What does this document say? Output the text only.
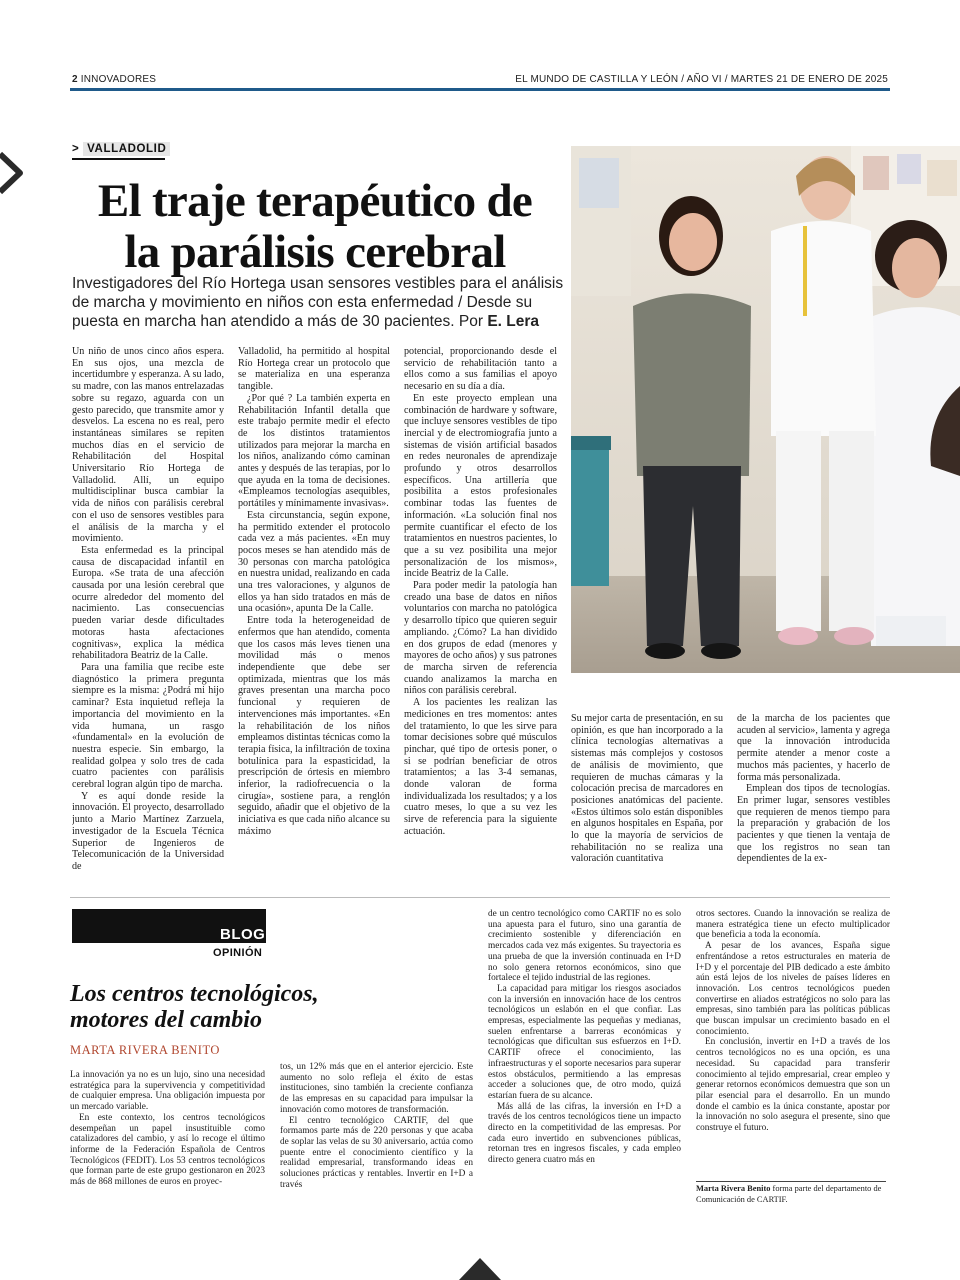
2 INNOVADORES	EL MUNDO DE CASTILLA Y LEÓN / AÑO VI / MARTES 21 DE ENERO DE 2025
> VALLADOLID
El traje terapéutico de
la parálisis cerebral

Investigadores del Río Hortega usan sensores vestibles para el análisis de marcha y movimiento en niños con esta enfermedad / Desde su puesta en marcha han atendido a más de 30 pacientes. Por E. Lera

Un niño de unos cinco años espera. En sus ojos, una mezcla de incertidumbre y esperanza. A su lado, su madre, con las manos entrelazadas sobre su regazo, aguarda con un gesto parecido, que transmite amor y desvelos. La escena no es real, pero instantáneas similares se repiten muchos días en el servicio de Rehabilitación del Hospital Universitario Río Hortega de Valladolid. Allí, un equipo multidisciplinar busca cambiar la vida de niños con parálisis cerebral con el uso de sensores vestibles para el análisis de la marcha y el movimiento.

Esta enfermedad es la principal causa de discapacidad infantil en Europa. «Se trata de una afección causada por una lesión cerebral que ocurre alrededor del momento del nacimiento. Las consecuencias pueden variar desde dificultades motoras hasta afectaciones cognitivas», explica la médica rehabilitadora Beatriz de la Calle.

Para una familia que recibe este diagnóstico la primera pregunta siempre es la misma: ¿Podrá mi hijo caminar? Esta inquietud refleja la importancia del movimiento en la vida humana, un rasgo «fundamental» en la evolución de nuestra especie. Sin embargo, la realidad golpea y solo tres de cada cuatro pacientes con parálisis cerebral logran algún tipo de marcha.

Y es aquí donde reside la innovación. El proyecto, desarrollado junto a Mario Martínez Zarzuela, investigador de la Escuela Técnica Superior de Ingenieros de Telecomunicación de la Universidad de

Valladolid, ha permitido al hospital Río Hortega crear un protocolo que se materializa en una esperanza tangible.

¿Por qué ? La también experta en Rehabilitación Infantil detalla que este trabajo permite medir el efecto de los distintos tratamientos utilizados para mejorar la marcha en los niños, analizando cómo caminan antes y después de las terapias, por lo que ayuda en la toma de decisiones. «Empleamos tecnologías asequibles, portátiles y mínimamente invasivas».

Esta circunstancia, según expone, ha permitido extender el protocolo cada vez a más pacientes. «En muy pocos meses se han atendido más de 30 personas con marcha patológica en nuestra unidad, realizando en cada una tres valoraciones, y algunos de ellos ya han sido tratados en más de una ocasión», apunta De la Calle.

Entre toda la heterogeneidad de enfermos que han atendido, comenta que los casos más leves tienen una movilidad más o menos independiente que debe ser optimizada, mientras que los más graves presentan una marcha poco funcional y requieren de intervenciones más importantes. «En la rehabilitación de los niños empleamos distintas técnicas como la terapia física, la infiltración de toxina botulínica para la espasticidad, la prescripción de órtesis en miembro inferior, la radiofrecuencia o la cirugía», sostiene para, a renglón seguido, añadir que el objetivo de la iniciativa es que cada niño alcance su máximo

potencial, proporcionando desde el servicio de rehabilitación tanto a ellos como a sus familias el apoyo necesario en su día a día.

En este proyecto emplean una combinación de hardware y software, que incluye sensores vestibles de tipo inercial y de electromiografía junto a sistemas de visión artificial basados en redes neuronales de aprendizaje profundo y otros desarrollos específicos. Una artillería que posibilita a estos profesionales combinar todas las fuentes de información. «La solución final nos permite cuantificar el efecto de los tratamientos en nuestros pacientes, lo que a su vez posibilita una mejor personalización de los mismos», incide Beatriz de la Calle.

Para poder medir la patología han creado una base de datos en niños voluntarios con marcha no patológica y desarrollo típico que quieren seguir ampliando. ¿Cómo? La han dividido en dos grupos de edad (menores y mayores de ocho años) y sus patrones de marcha sirven de referencia cuando analizamos la marcha en niños con parálisis cerebral.

A los pacientes les realizan las mediciones en tres momentos: antes del tratamiento, lo que les sirve para tomar decisiones sobre qué músculos pinchar, qué tipo de ortesis poner, o si se podrían beneficiar de otros tratamientos; a las 3-4 semanas, donde valoran de forma individualizada los resultados; y a los cuatro meses, lo que a su vez les sirve de referencia para la siguiente actuación.

Su mejor carta de presentación, en su opinión, es que han incorporado a la clínica tecnologías alternativas a sistemas más complejos y costosos de análisis de movimiento, que requieren de muchas cámaras y la colocación precisa de marcadores en posiciones anatómicas del paciente. «Estos últimos solo están disponibles en algunos hospitales en España, por lo que la mayoría de servicios de rehabilitación no se realiza una valoración cuantitativa

de la marcha de los pacientes que acuden al servicio», lamenta y agrega que la innovación introducida permite atender a menor coste a muchos más pacientes, y hacerlo de forma más personalizada.

Emplean dos tipos de tecnologías. En primer lugar, sensores vestibles que requieren de menos tiempo para la preparación y grabación de los pacientes y que tienen la ventaja de que los registros no sean tan dependientes de la ex-

BLOG
OPINIÓN
Los centros tecnológicos,
motores del cambio
MARTA RIVERA BENITO

La innovación ya no es un lujo, sino una necesidad estratégica para la supervivencia y competitividad de cualquier empresa. Una obligación impuesta por un mercado variable.

En este contexto, los centros tecnológicos desempeñan un papel insustituible como catalizadores del cambio, y así lo recoge el último informe de la Federación Española de Centros Tecnológicos (FEDIT). Los 53 centros tecnológicos que forman parte de este grupo gestionaron en 2023 más de 868 millones de euros en proyec-

tos, un 12% más que en el anterior ejercicio. Este aumento no solo refleja el éxito de estas instituciones, sino también la creciente confianza de las empresas en su capacidad para impulsar la innovación como motores de transformación.

El centro tecnológico CARTIF, del que formamos parte más de 220 personas y que acaba de soplar las velas de su 30 aniversario, actúa como puente entre el conocimiento científico y la realidad empresarial, transformando ideas en soluciones prácticas y rentables. Invertir en I+D a través

de un centro tecnológico como CARTIF no es solo una apuesta para el futuro, sino una garantía de crecimiento sostenible y diferenciación en mercados cada vez más exigentes. Su trayectoria es una prueba de que la inversión continuada en I+D no solo genera retornos económicos, sino que fortalece el tejido industrial de las regiones.

La capacidad para mitigar los riesgos asociados con la inversión en innovación hace de los centros tecnológicos un eslabón en el que confiar. Las empresas, especialmente las pequeñas y medianas, suelen enfrentarse a barreras económicas y tecnológicas que dificultan sus esfuerzos en I+D. CARTIF ofrece el conocimiento, las infraestructuras y el soporte necesarios para superar estos obstáculos, permitiendo a las empresas acceder a soluciones que, de otro modo, quizá estarían fuera de su alcance.

Más allá de las cifras, la inversión en I+D a través de los centros tecnológicos tiene un impacto directo en la competitividad de las empresas. Por cada euro invertido en subvenciones públicas, retornan tres en ingresos fiscales, y cada empleo directo genera cuatro más en

otros sectores. Cuando la innovación se realiza de manera estratégica tiene un efecto multiplicador que beneficia a toda la economía.

A pesar de los avances, España sigue enfrentándose a retos estructurales en materia de I+D y el porcentaje del PIB dedicado a este ámbito aún está lejos de los niveles de países líderes en innovación. Los centros tecnológicos pueden convertirse en aliados estratégicos no solo para las empresas, sino también para las políticas públicas que buscan impulsar un crecimiento basado en el conocimiento.

En conclusión, invertir en I+D a través de los centros tecnológicos no es una opción, es una necesidad. Su capacidad para transferir conocimiento al tejido empresarial, crear empleo y generar retornos económicos demuestra que son un pilar esencial para el desarrollo. En un mundo donde el cambio es la única constante, apostar por la innovación no solo asegura el presente, sino que construye el futuro.

Marta Rivera Benito forma parte del departamento de Comunicación de CARTIF.
